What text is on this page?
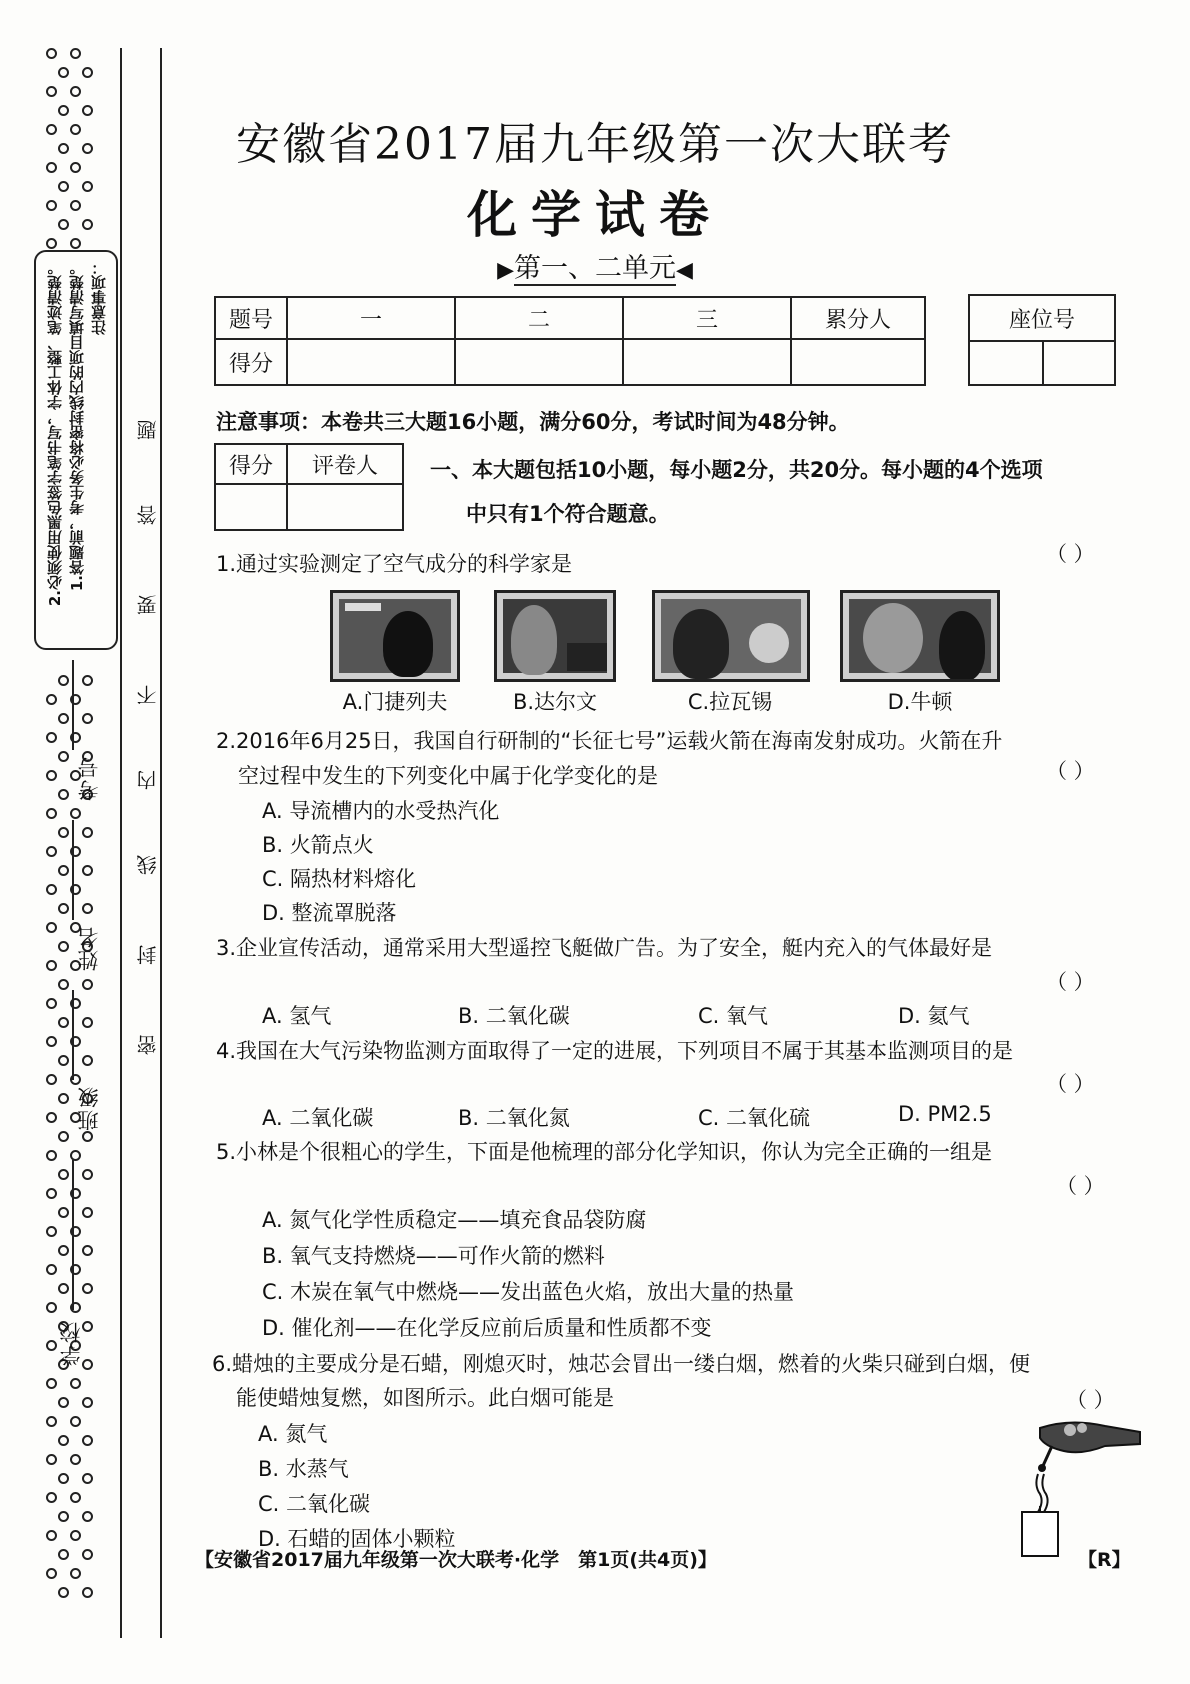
注意事项：
1.答题前，考生务必将密封线内的项目填写清楚。
2.必须使用黑色签字笔书写，字体工整、笔迹清楚。
考号
姓名
班级
学校
密
封
线
内
不
要
答
题
安徽省2017届九年级第一次大联考
化学试卷
▶第一、二单元◀
题号	一	二	三	累分人
得分				
座位号

注意事项：本卷共三大题16小题，满分60分，考试时间为48分钟。
得分	评卷人
	一、本大题包括10小题，每小题2分，共20分。每小题的4个选项
中只有1个符合题意。
1.通过实验测定了空气成分的科学家是	（ ）
A.门捷列夫	B.达尔文	C.拉瓦锡	D.牛顿
2.2016年6月25日，我国自行研制的“长征七号”运载火箭在海南发射成功。火箭在升
空过程中发生的下列变化中属于化学变化的是	（ ）
A. 导流槽内的水受热汽化
B. 火箭点火
C. 隔热材料熔化
D. 整流罩脱落
3.企业宣传活动，通常采用大型遥控飞艇做广告。为了安全，艇内充入的气体最好是
（ ）
A. 氢气	B. 二氧化碳	C. 氧气	D. 氦气
4.我国在大气污染物监测方面取得了一定的进展，下列项目不属于其基本监测项目的是
（ ）
A. 二氧化碳	B. 二氧化氮	C. 二氧化硫	D. PM2.5
5.小林是个很粗心的学生，下面是他梳理的部分化学知识，你认为完全正确的一组是
（ ）
A. 氮气化学性质稳定——填充食品袋防腐
B. 氧气支持燃烧——可作火箭的燃料
C. 木炭在氧气中燃烧——发出蓝色火焰，放出大量的热量
D. 催化剂——在化学反应前后质量和性质都不变
6.蜡烛的主要成分是石蜡，刚熄灭时，烛芯会冒出一缕白烟，燃着的火柴只碰到白烟，便
能使蜡烛复燃，如图所示。此白烟可能是	（ ）
A. 氮气
B. 水蒸气
C. 二氧化碳
D. 石蜡的固体小颗粒
【安徽省2017届九年级第一次大联考·化学　第1页(共4页)】	【R】
